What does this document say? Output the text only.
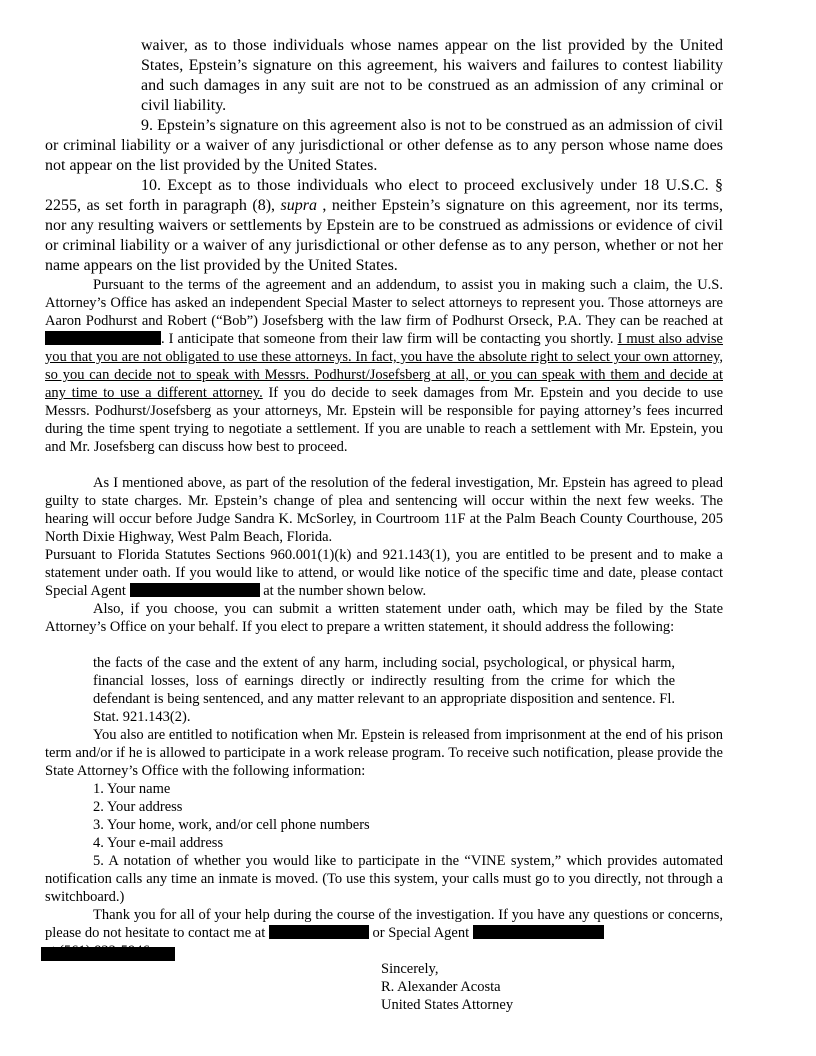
waiver, as to those individuals whose names appear on the list provided by the United States, Epstein’s signature on this agreement, his waivers and failures to contest liability and such damages in any suit are not to be construed as an admission of any criminal or civil liability.
9. Epstein’s signature on this agreement also is not to be construed as an admission of civil or criminal liability or a waiver of any jurisdictional or other defense as to any person whose name does not appear on the list provided by the United States.
10. Except as to those individuals who elect to proceed exclusively under 18 U.S.C. § 2255, as set forth in paragraph (8), supra , neither Epstein’s signature on this agreement, nor its terms, nor any resulting waivers or settlements by Epstein are to be construed as admissions or evidence of civil or criminal liability or a waiver of any jurisdictional or other defense as to any person, whether or not her name appears on the list provided by the United States.
Pursuant to the terms of the agreement and an addendum, to assist you in making such a claim, the U.S. Attorney’s Office has asked an independent Special Master to select attorneys to represent you. Those attorneys are Aaron Podhurst and Robert (“Bob”) Josefsberg with the law firm of Podhurst Orseck, P.A. They can be reached at . I anticipate that someone from their law firm will be contacting you shortly. I must also advise you that you are not obligated to use these attorneys. In fact, you have the absolute right to select your own attorney, so you can decide not to speak with Messrs. Podhurst/Josefsberg at all, or you can speak with them and decide at any time to use a different attorney. If you do decide to seek damages from Mr. Epstein and you decide to use Messrs. Podhurst/Josefsberg as your attorneys, Mr. Epstein will be responsible for paying attorney’s fees incurred during the time spent trying to negotiate a settlement. If you are unable to reach a settlement with Mr. Epstein, you and Mr. Josefsberg can discuss how best to proceed.
As I mentioned above, as part of the resolution of the federal investigation, Mr. Epstein has agreed to plead guilty to state charges. Mr. Epstein’s change of plea and sentencing will occur within the next few weeks. The hearing will occur before Judge Sandra K. McSorley, in Courtroom 11F at the Palm Beach County Courthouse, 205 North Dixie Highway, West Palm Beach, Florida.
Pursuant to Florida Statutes Sections 960.001(1)(k) and 921.143(1), you are entitled to be present and to make a statement under oath. If you would like to attend, or would like notice of the specific time and date, please contact Special Agent	at the number shown below.
Also, if you choose, you can submit a written statement under oath, which may be filed by the State Attorney’s Office on your behalf. If you elect to prepare a written statement, it should address the following:
the facts of the case and the extent of any harm, including social, psychological, or physical harm, financial losses, loss of earnings directly or indirectly resulting from the crime for which the defendant is being sentenced, and any matter relevant to an appropriate disposition and sentence. Fl. Stat. 921.143(2).
You also are entitled to notification when Mr. Epstein is released from imprisonment at the end of his prison term and/or if he is allowed to participate in a work release program. To receive such notification, please provide the State Attorney’s Office with the following information:
1. Your name
2. Your address
3. Your home, work, and/or cell phone numbers
4. Your e-mail address
5. A notation of whether you would like to participate in the “VINE system,” which provides automated notification calls any time an inmate is moved. (To use this system, your calls must go to you directly, not through a switchboard.)
Thank you for all of your help during the course of the investigation. If you have any questions or concerns, please do not hesitate to contact me at	or Special Agent
Sincerely,
R. Alexander Acosta
United States Attorney
